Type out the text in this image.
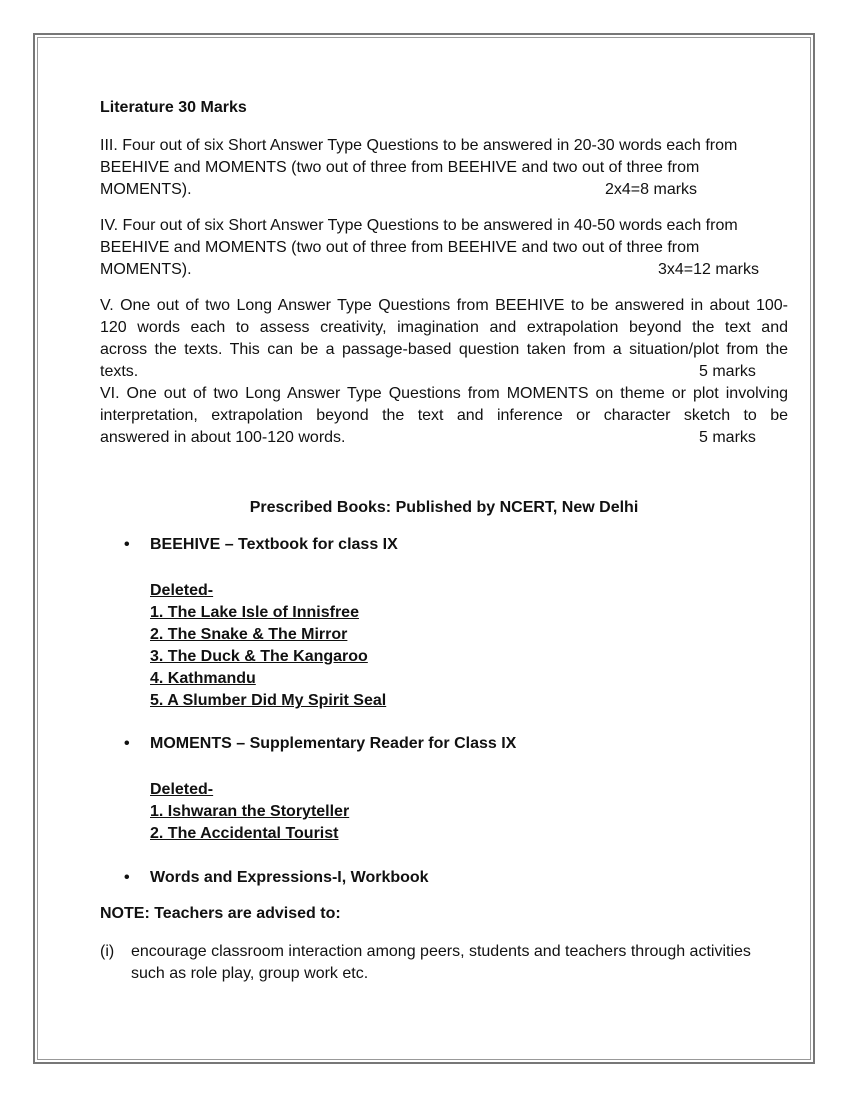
Literature 30 Marks
III. Four out of six Short Answer Type Questions to be answered in 20-30 words each from
BEEHIVE and MOMENTS (two out of three from BEEHIVE and two out of three from
MOMENTS).	2x4=8 marks
IV. Four out of six Short Answer Type Questions to be answered in 40-50 words each from
BEEHIVE and MOMENTS (two out of three from BEEHIVE and two out of three from
MOMENTS).	3x4=12 marks
V. One out of two Long Answer Type Questions from BEEHIVE to be answered in about 100-
120 words each to assess creativity, imagination and extrapolation beyond the text and
across the texts. This can be a passage-based question taken from a situation/plot from the
texts.	5 marks
VI. One out of two Long Answer Type Questions from MOMENTS on theme or plot involving
interpretation, extrapolation beyond the text and inference or character sketch to be
answered in about 100-120 words.	5 marks
Prescribed Books: Published by NCERT, New Delhi
• BEEHIVE – Textbook for class IX
Deleted-
1. The Lake Isle of Innisfree
2. The Snake & The Mirror
3. The Duck & The Kangaroo
4. Kathmandu
5. A Slumber Did My Spirit Seal
• MOMENTS – Supplementary Reader for Class IX
Deleted-
1. Ishwaran the Storyteller
2. The Accidental Tourist
• Words and Expressions-I, Workbook
NOTE: Teachers are advised to:
(i) encourage classroom interaction among peers, students and teachers through activities
such as role play, group work etc.
